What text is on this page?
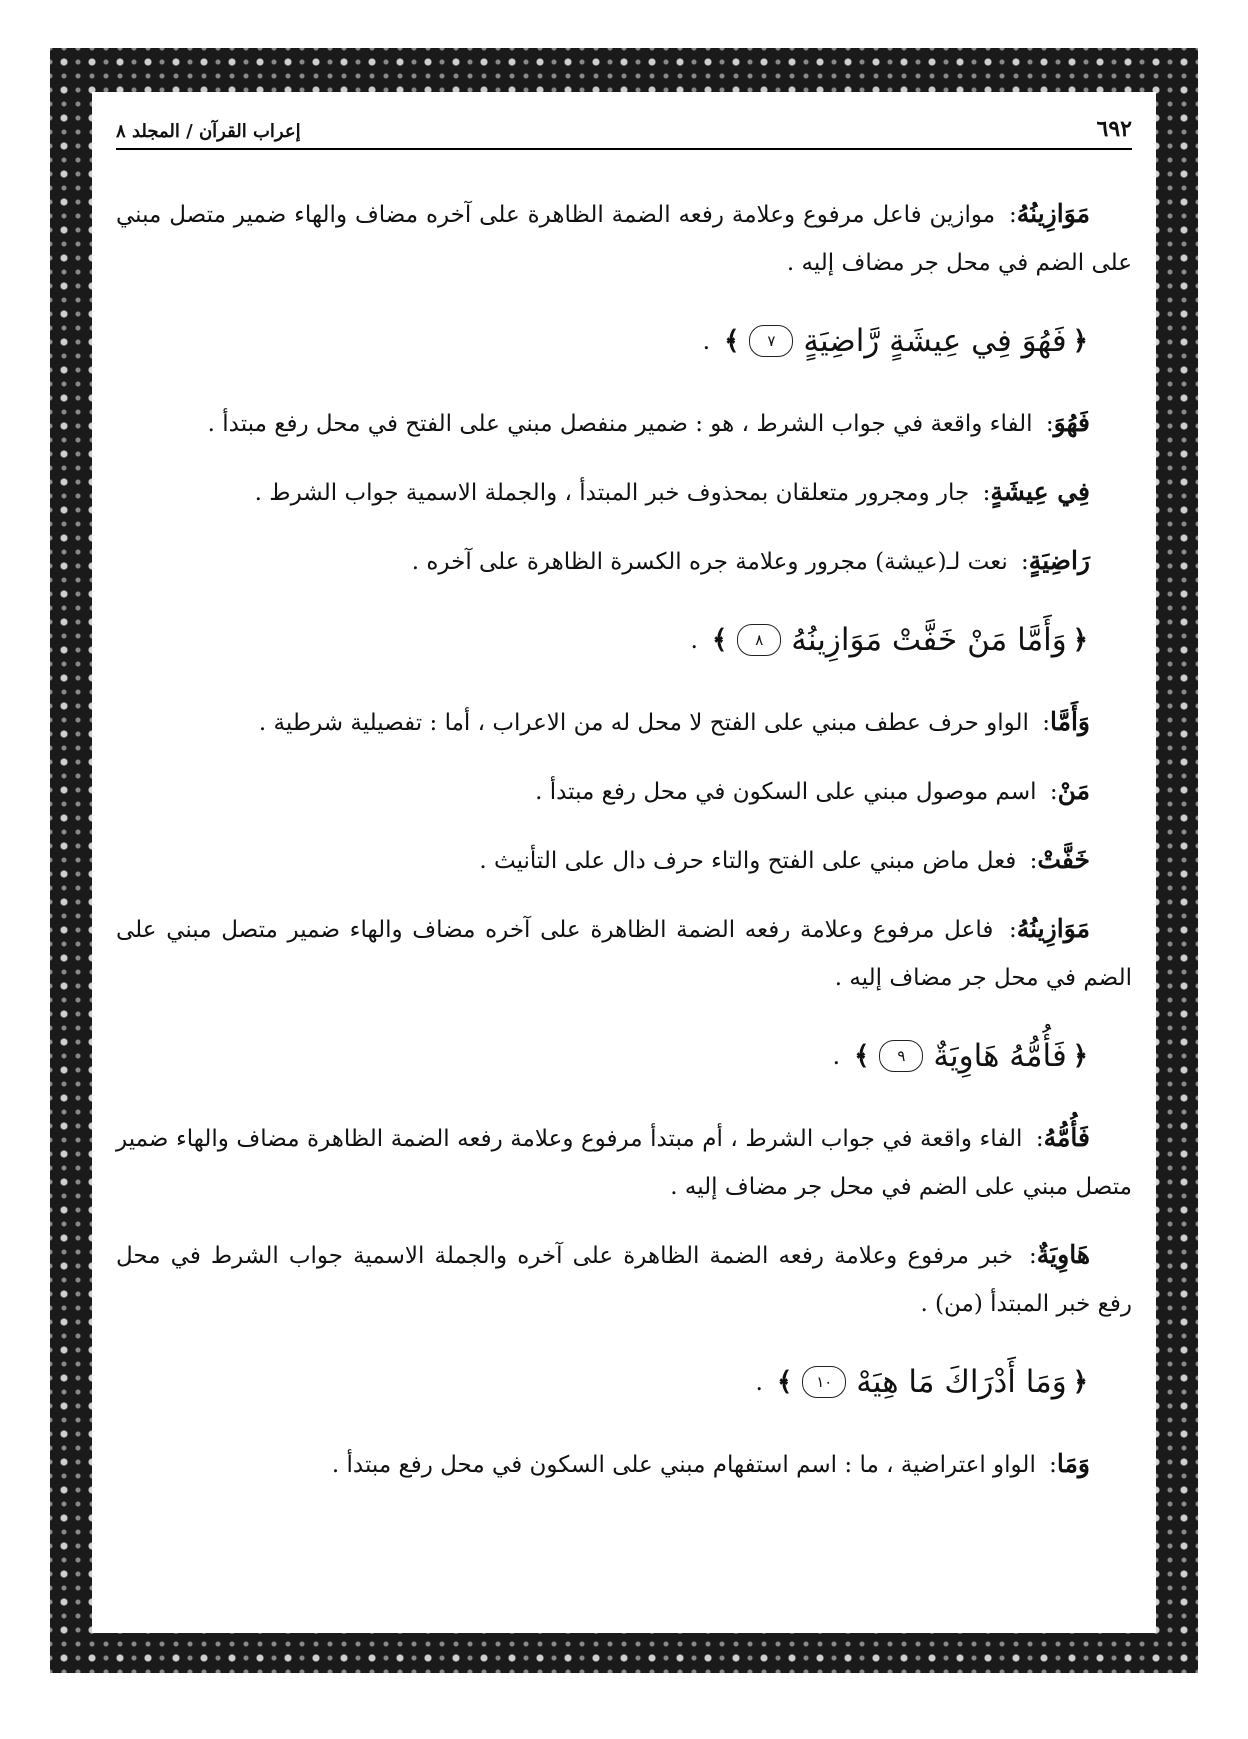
٦٩٢
إعراب القرآن / المجلد ٨

مَوَازِينُهُ: موازين فاعل مرفوع وعلامة رفعه الضمة الظاهرة على آخره مضاف والهاء ضمير متصل مبني على الضم في محل جر مضاف إليه .

﴿
فَهُوَ فِي عِيشَةٍ رَّاضِيَةٍ
٧
﴾
.

فَهُوَ: الفاء واقعة في جواب الشرط ، هو : ضمير منفصل مبني على الفتح في محل رفع مبتدأ .

فِي عِيشَةٍ: جار ومجرور متعلقان بمحذوف خبر المبتدأ ، والجملة الاسمية جواب الشرط .

رَاضِيَةٍ: نعت لـ(عيشة) مجرور وعلامة جره الكسرة الظاهرة على آخره .

﴿
وَأَمَّا مَنْ خَفَّتْ مَوَازِينُهُ
٨
﴾
.

وَأَمَّا: الواو حرف عطف مبني على الفتح لا محل له من الاعراب ، أما : تفصيلية شرطية .

مَنْ: اسم موصول مبني على السكون في محل رفع مبتدأ .

خَفَّتْ: فعل ماض مبني على الفتح والتاء حرف دال على التأنيث .

مَوَازِينُهُ: فاعل مرفوع وعلامة رفعه الضمة الظاهرة على آخره مضاف والهاء ضمير متصل مبني على الضم في محل جر مضاف إليه .

﴿
فَأُمُّهُ هَاوِيَةٌ
٩
﴾
.

فَأُمُّهُ: الفاء واقعة في جواب الشرط ، أم مبتدأ مرفوع وعلامة رفعه الضمة الظاهرة مضاف والهاء ضمير متصل مبني على الضم في محل جر مضاف إليه .

هَاوِيَةٌ: خبر مرفوع وعلامة رفعه الضمة الظاهرة على آخره والجملة الاسمية جواب الشرط في محل رفع خبر المبتدأ (من) .

﴿
وَمَا أَدْرَاكَ مَا هِيَهْ
١٠
﴾
.

وَمَا: الواو اعتراضية ، ما : اسم استفهام مبني على السكون في محل رفع مبتدأ .
